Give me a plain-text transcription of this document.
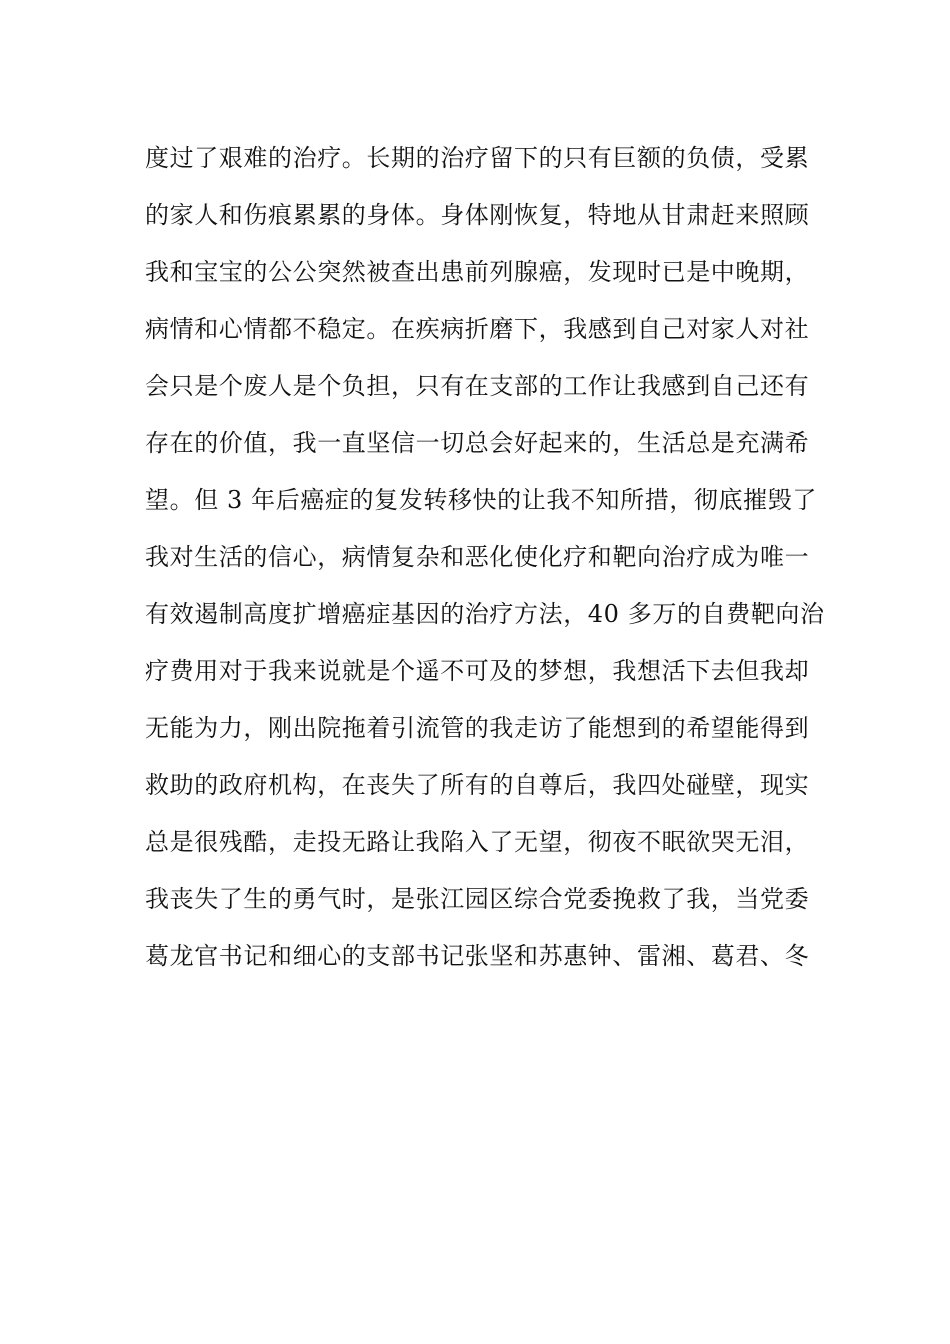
度过了艰难的治疗。长期的治疗留下的只有巨额的负债，受累
的家人和伤痕累累的身体。身体刚恢复，特地从甘肃赶来照顾
我和宝宝的公公突然被查出患前列腺癌，发现时已是中晚期，
病情和心情都不稳定。在疾病折磨下，我感到自己对家人对社
会只是个废人是个负担，只有在支部的工作让我感到自己还有
存在的价值，我一直坚信一切总会好起来的，生活总是充满希
望。但 3 年后癌症的复发转移快的让我不知所措，彻底摧毁了
我对生活的信心，病情复杂和恶化使化疗和靶向治疗成为唯一
有效遏制高度扩增癌症基因的治疗方法，40 多万的自费靶向治
疗费用对于我来说就是个遥不可及的梦想，我想活下去但我却
无能为力，刚出院拖着引流管的我走访了能想到的希望能得到
救助的政府机构，在丧失了所有的自尊后，我四处碰壁，现实
总是很残酷，走投无路让我陷入了无望，彻夜不眠欲哭无泪，
我丧失了生的勇气时，是张江园区综合党委挽救了我，当党委
葛龙官书记和细心的支部书记张坚和苏惠钟、雷湘、葛君、冬
